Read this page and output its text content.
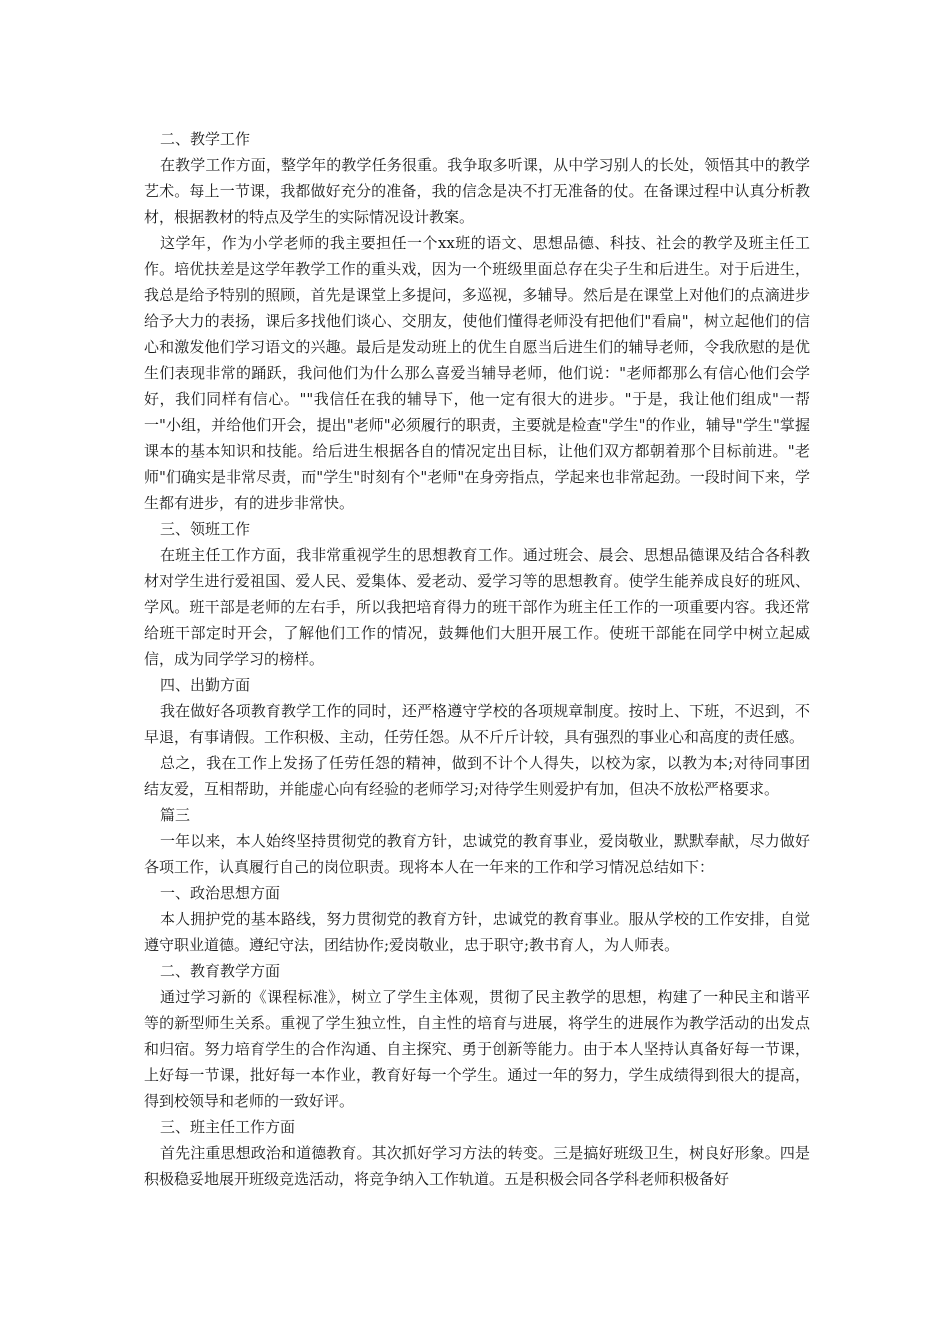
二、教学工作

在教学工作方面，整学年的教学任务很重。我争取多听课，从中学习别人的长处，领悟其中的教学艺术。每上一节课，我都做好充分的准备，我的信念是决不打无准备的仗。在备课过程中认真分析教材，根据教材的特点及学生的实际情况设计教案。

这学年，作为小学老师的我主要担任一个xx班的语文、思想品德、科技、社会的教学及班主任工作。培优扶差是这学年教学工作的重头戏，因为一个班级里面总存在尖子生和后进生。对于后进生，我总是给予特别的照顾，首先是课堂上多提问，多巡视，多辅导。然后是在课堂上对他们的点滴进步给予大力的表扬，课后多找他们谈心、交朋友，使他们懂得老师没有把他们"看扁"，树立起他们的信心和激发他们学习语文的兴趣。最后是发动班上的优生自愿当后进生们的辅导老师，令我欣慰的是优生们表现非常的踊跃，我问他们为什么那么喜爱当辅导老师，他们说："老师都那么有信心他们会学好，我们同样有信心。""我信任在我的辅导下，他一定有很大的进步。"于是，我让他们组成"一帮一"小组，并给他们开会，提出"老师"必须履行的职责，主要就是检查"学生"的作业，辅导"学生"掌握课本的基本知识和技能。给后进生根据各自的情况定出目标，让他们双方都朝着那个目标前进。"老师"们确实是非常尽责，而"学生"时刻有个"老师"在身旁指点，学起来也非常起劲。一段时间下来，学生都有进步，有的进步非常快。

三、领班工作

在班主任工作方面，我非常重视学生的思想教育工作。通过班会、晨会、思想品德课及结合各科教材对学生进行爱祖国、爱人民、爱集体、爱老动、爱学习等的思想教育。使学生能养成良好的班风、学风。班干部是老师的左右手，所以我把培育得力的班干部作为班主任工作的一项重要内容。我还常给班干部定时开会，了解他们工作的情况，鼓舞他们大胆开展工作。使班干部能在同学中树立起威信，成为同学学习的榜样。

四、出勤方面

我在做好各项教育教学工作的同时，还严格遵守学校的各项规章制度。按时上、下班，不迟到，不早退，有事请假。工作积极、主动，任劳任怨。从不斤斤计较，具有强烈的事业心和高度的责任感。

总之，我在工作上发扬了任劳任怨的精神，做到不计个人得失，以校为家，以教为本;对待同事团结友爱，互相帮助，并能虚心向有经验的老师学习;对待学生则爱护有加，但决不放松严格要求。

篇三

一年以来，本人始终坚持贯彻党的教育方针，忠诚党的教育事业，爱岗敬业，默默奉献，尽力做好各项工作，认真履行自己的岗位职责。现将本人在一年来的工作和学习情况总结如下：

一、政治思想方面

本人拥护党的基本路线，努力贯彻党的教育方针，忠诚党的教育事业。服从学校的工作安排，自觉遵守职业道德。遵纪守法，团结协作;爱岗敬业，忠于职守;教书育人，为人师表。

二、教育教学方面

通过学习新的《课程标准》，树立了学生主体观，贯彻了民主教学的思想，构建了一种民主和谐平等的新型师生关系。重视了学生独立性，自主性的培育与进展，将学生的进展作为教学活动的出发点和归宿。努力培育学生的合作沟通、自主探究、勇于创新等能力。由于本人坚持认真备好每一节课，上好每一节课，批好每一本作业，教育好每一个学生。通过一年的努力，学生成绩得到很大的提高，得到校领导和老师的一致好评。

三、班主任工作方面

首先注重思想政治和道德教育。其次抓好学习方法的转变。三是搞好班级卫生，树良好形象。四是积极稳妥地展开班级竞选活动，将竞争纳入工作轨道。五是积极会同各学科老师积极备好
